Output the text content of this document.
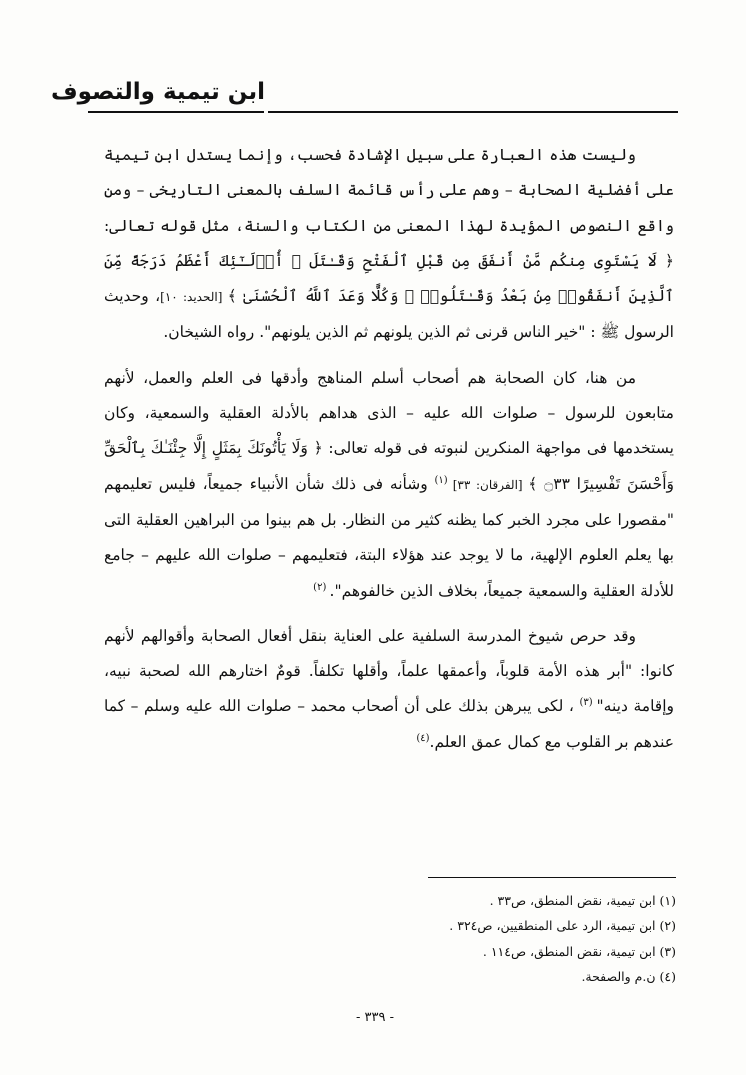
ابن تيمية والتصوف

وليست هذه العبارة على سبيل الإشادة فحسب، وإنما يستدل ابن تيمية على أفضلية الصحابة – وهم على رأس قائمة السلف بالمعنى التاريخى – ومن واقع النصوص المؤيدة لهذا المعنى من الكتاب والسنة، مثل قوله تعالى: ﴿ لَا يَسْتَوِى مِنكُم مَّنْ أَنفَقَ مِن قَبْلِ ٱلْفَتْحِ وَقَـٰتَلَ ۚ أُو۟لَـٰٓئِكَ أَعْظَمُ دَرَجَةً مِّنَ ٱلَّذِينَ أَنفَقُوا۟ مِنۢ بَعْدُ وَقَـٰتَلُوا۟ ۚ وَكُلًّا وَعَدَ ٱللَّهُ ٱلْحُسْنَىٰ ﴾ [الحديد: ١٠]، وحديث الرسول ﷺ : "خير الناس قرنى ثم الذين يلونهم ثم الذين يلونهم". رواه الشيخان.

من هنا، كان الصحابة هم أصحاب أسلم المناهج وأدقها فى العلم والعمل، لأنهم متابعون للرسول – صلوات الله عليه – الذى هداهم بالأدلة العقلية والسمعية، وكان يستخدمها فى مواجهة المنكرين لنبوته فى قوله تعالى: ﴿ وَلَا يَأْتُونَكَ بِمَثَلٍ إِلَّا جِئْنَـٰكَ بِٱلْحَقِّ وَأَحْسَنَ تَفْسِيرًا ۝٣٣ ﴾ [الفرقان: ٣٣] $^{(١)}$ وشأنه فى ذلك شأن الأنبياء جميعاً، فليس تعليمهم "مقصورا على مجرد الخبر كما يظنه كثير من النظار. بل هم بينوا من البراهين العقلية التى بها يعلم العلوم الإلهية، ما لا يوجد عند هؤلاء البتة، فتعليمهم – صلوات الله عليهم – جامع للأدلة العقلية والسمعية جميعاً، بخلاف الذين خالفوهم". $^{(٢)}$

وقد حرص شيوخ المدرسة السلفية على العناية بنقل أفعال الصحابة وأقوالهم لأنهم كانوا: "أبر هذه الأمة قلوباً، وأعمقها علماً، وأقلها تكلفاً. قومٌ اختارهم الله لصحبة نبيه، وإقامة دينه" $^{(٣)}$ ، لكى يبرهن بذلك على أن أصحاب محمد – صلوات الله عليه وسلم – كما عندهم بر القلوب مع كمال عمق العلم.$^{(٤)}$

(١) ابن تيمية، نقض المنطق، ص٣٣ .
(٢) ابن تيمية، الرد على المنطقيين، ص٣٢٤ .
(٣) ابن تيمية، نقض المنطق، ص١١٤ .
(٤) ن.م والصفحة.
- ٣٣٩ -
